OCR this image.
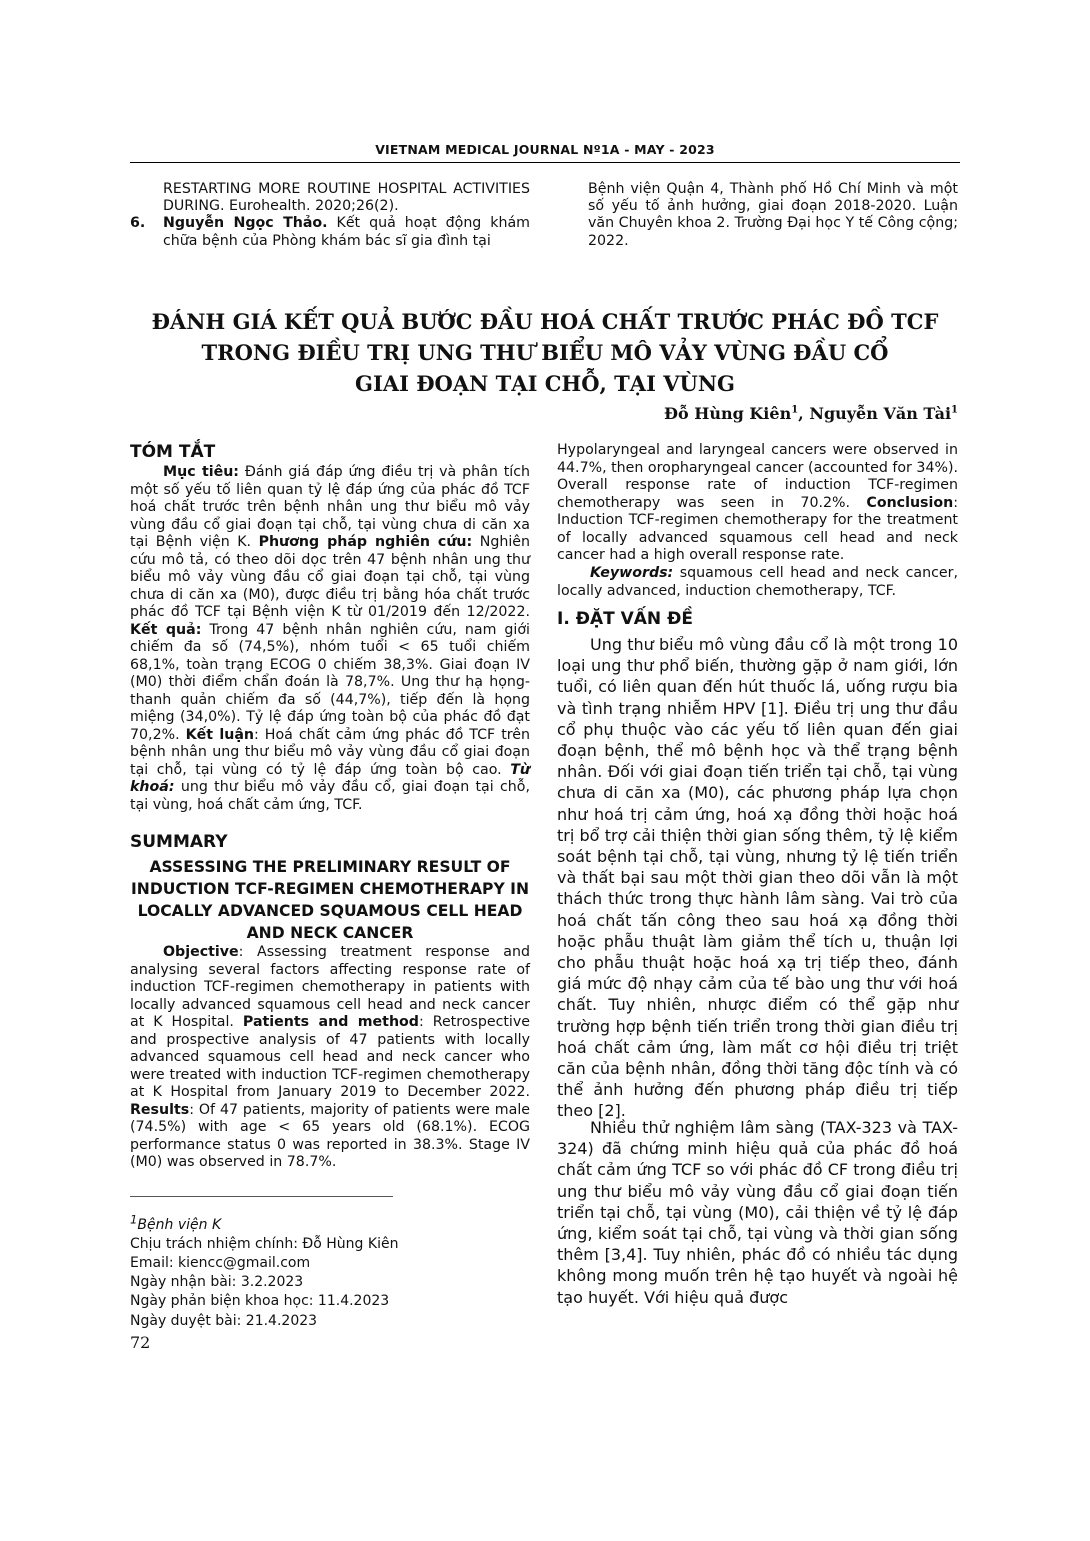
VIETNAM MEDICAL JOURNAL Nº1A - MAY - 2023
RESTARTING MORE ROUTINE HOSPITAL ACTIVITIES DURING. Eurohealth. 2020;26(2).
6. Nguyễn Ngọc Thảo. Kết quả hoạt động khám chữa bệnh của Phòng khám bác sĩ gia đình tại
Bệnh viện Quận 4, Thành phố Hồ Chí Minh và một số yếu tố ảnh hưởng, giai đoạn 2018-2020. Luận văn Chuyên khoa 2. Trường Đại học Y tế Công cộng; 2022.
ĐÁNH GIÁ KẾT QUẢ BƯỚC ĐẦU HOÁ CHẤT TRƯỚC PHÁC ĐỒ TCF
TRONG ĐIỀU TRỊ UNG THƯ BIỂU MÔ VẢY VÙNG ĐẦU CỔ
GIAI ĐOẠN TẠI CHỖ, TẠI VÙNG
Đỗ Hùng Kiên$^1$, Nguyễn Văn Tài$^1$
TÓM TẮT
Mục tiêu: Đánh giá đáp ứng điều trị và phân tích một số yếu tố liên quan tỷ lệ đáp ứng của phác đồ TCF hoá chất trước trên bệnh nhân ung thư biểu mô vảy vùng đầu cổ giai đoạn tại chỗ, tại vùng chưa di căn xa tại Bệnh viện K. Phương pháp nghiên cứu: Nghiên cứu mô tả, có theo dõi dọc trên 47 bệnh nhân ung thư biểu mô vảy vùng đầu cổ giai đoạn tại chỗ, tại vùng chưa di căn xa (M0), được điều trị bằng hóa chất trước phác đồ TCF tại Bệnh viện K từ 01/2019 đến 12/2022. Kết quả: Trong 47 bệnh nhân nghiên cứu, nam giới chiếm đa số (74,5%), nhóm tuổi < 65 tuổi chiếm 68,1%, toàn trạng ECOG 0 chiếm 38,3%. Giai đoạn IV (M0) thời điểm chẩn đoán là 78,7%. Ung thư hạ họng-thanh quản chiếm đa số (44,7%), tiếp đến là họng miệng (34,0%). Tỷ lệ đáp ứng toàn bộ của phác đồ đạt 70,2%. Kết luận: Hoá chất cảm ứng phác đồ TCF trên bệnh nhân ung thư biểu mô vảy vùng đầu cổ giai đoạn tại chỗ, tại vùng có tỷ lệ đáp ứng toàn bộ cao. Từ khoá: ung thư biểu mô vảy đầu cổ, giai đoạn tại chỗ, tại vùng, hoá chất cảm ứng, TCF.
SUMMARY
ASSESSING THE PRELIMINARY RESULT OF INDUCTION TCF-REGIMEN CHEMOTHERAPY IN LOCALLY ADVANCED SQUAMOUS CELL HEAD AND NECK CANCER
Objective: Assessing treatment response and analysing several factors affecting response rate of induction TCF-regimen chemotherapy in patients with locally advanced squamous cell head and neck cancer at K Hospital. Patients and method: Retrospective and prospective analysis of 47 patients with locally advanced squamous cell head and neck cancer who were treated with induction TCF-regimen chemotherapy at K Hospital from January 2019 to December 2022. Results: Of 47 patients, majority of patients were male (74.5%) with age < 65 years old (68.1%). ECOG performance status 0 was reported in 38.3%. Stage IV (M0) was observed in 78.7%.
$^1$Bệnh viện K
Chịu trách nhiệm chính: Đỗ Hùng Kiên
Email: kiencc@gmail.com
Ngày nhận bài: 3.2.2023
Ngày phản biện khoa học: 11.4.2023
Ngày duyệt bài: 21.4.2023
72
Hypolaryngeal and laryngeal cancers were observed in 44.7%, then oropharyngeal cancer (accounted for 34%). Overall response rate of induction TCF-regimen chemotherapy was seen in 70.2%. Conclusion: Induction TCF-regimen chemotherapy for the treatment of locally advanced squamous cell head and neck cancer had a high overall response rate.
Keywords: squamous cell head and neck cancer, locally advanced, induction chemotherapy, TCF.
I. ĐẶT VẤN ĐỀ
Ung thư biểu mô vùng đầu cổ là một trong 10 loại ung thư phổ biến, thường gặp ở nam giới, lớn tuổi, có liên quan đến hút thuốc lá, uống rượu bia và tình trạng nhiễm HPV [1]. Điều trị ung thư đầu cổ phụ thuộc vào các yếu tố liên quan đến giai đoạn bệnh, thể mô bệnh học và thể trạng bệnh nhân. Đối với giai đoạn tiến triển tại chỗ, tại vùng chưa di căn xa (M0), các phương pháp lựa chọn như hoá trị cảm ứng, hoá xạ đồng thời hoặc hoá trị bổ trợ cải thiện thời gian sống thêm, tỷ lệ kiểm soát bệnh tại chỗ, tại vùng, nhưng tỷ lệ tiến triển và thất bại sau một thời gian theo dõi vẫn là một thách thức trong thực hành lâm sàng. Vai trò của hoá chất tấn công theo sau hoá xạ đồng thời hoặc phẫu thuật làm giảm thể tích u, thuận lợi cho phẫu thuật hoặc hoá xạ trị tiếp theo, đánh giá mức độ nhạy cảm của tế bào ung thư với hoá chất. Tuy nhiên, nhược điểm có thể gặp như trường hợp bệnh tiến triển trong thời gian điều trị hoá chất cảm ứng, làm mất cơ hội điều trị triệt căn của bệnh nhân, đồng thời tăng độc tính và có thể ảnh hưởng đến phương pháp điều trị tiếp theo [2].
Nhiều thử nghiệm lâm sàng (TAX-323 và TAX-324) đã chứng minh hiệu quả của phác đồ hoá chất cảm ứng TCF so với phác đồ CF trong điều trị ung thư biểu mô vảy vùng đầu cổ giai đoạn tiến triển tại chỗ, tại vùng (M0), cải thiện về tỷ lệ đáp ứng, kiểm soát tại chỗ, tại vùng và thời gian sống thêm [3,4]. Tuy nhiên, phác đồ có nhiều tác dụng không mong muốn trên hệ tạo huyết và ngoài hệ tạo huyết. Với hiệu quả được
